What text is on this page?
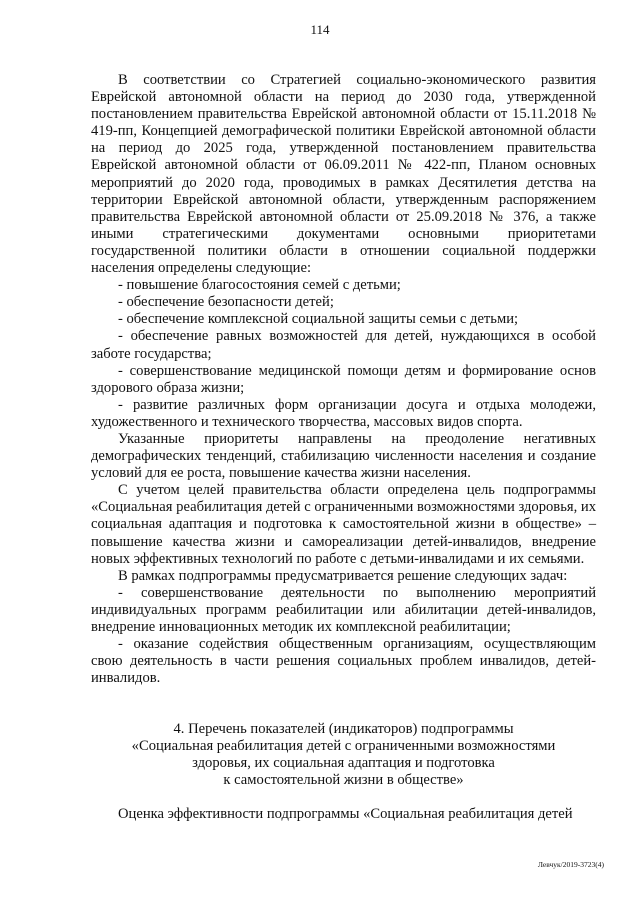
114

В соответствии со Стратегией социально-экономического развития Еврейской автономной области на период до 2030 года, утвержденной постановлением правительства Еврейской автономной области от 15.11.2018 № 419-пп, Концепцией демографической политики Еврейской автономной области на период до 2025 года, утвержденной постановлением правительства Еврейской автономной области от 06.09.2011 № 422-пп, Планом основных мероприятий до 2020 года, проводимых в рамках Десятилетия детства на территории Еврейской автономной области, утвержденным распоряжением правительства Еврейской автономной области от 25.09.2018 № 376, а также иными стратегическими документами основными приоритетами государственной политики области в отношении социальной поддержки населения определены следующие:

- повышение благосостояния семей с детьми;

- обеспечение безопасности детей;

- обеспечение комплексной социальной защиты семьи с детьми;

- обеспечение равных возможностей для детей, нуждающихся в особой заботе государства;

- совершенствование медицинской помощи детям и формирование основ здорового образа жизни;

- развитие различных форм организации досуга и отдыха молодежи, художественного и технического творчества, массовых видов спорта.

Указанные приоритеты направлены на преодоление негативных демографических тенденций, стабилизацию численности населения и создание условий для ее роста, повышение качества жизни населения.

С учетом целей правительства области определена цель подпрограммы «Социальная реабилитация детей с ограниченными возможностями здоровья, их социальная адаптация и подготовка к самостоятельной жизни в обществе» – повышение качества жизни и самореализации детей-инвалидов, внедрение новых эффективных технологий по работе с детьми-инвалидами и их семьями.

В рамках подпрограммы предусматривается решение следующих задач:

- совершенствование деятельности по выполнению мероприятий индивидуальных программ реабилитации или абилитации детей-инвалидов, внедрение инновационных методик их комплексной реабилитации;

- оказание содействия общественным организациям, осуществляющим свою деятельность в части решения социальных проблем инвалидов, детей-инвалидов.

4. Перечень показателей (индикаторов) подпрограммы
«Социальная реабилитация детей с ограниченными возможностями
здоровья, их социальная адаптация и подготовка
к самостоятельной жизни в обществе»
Оценка эффективности подпрограммы «Социальная реабилитация детей
Левчук/2019-3723(4)
